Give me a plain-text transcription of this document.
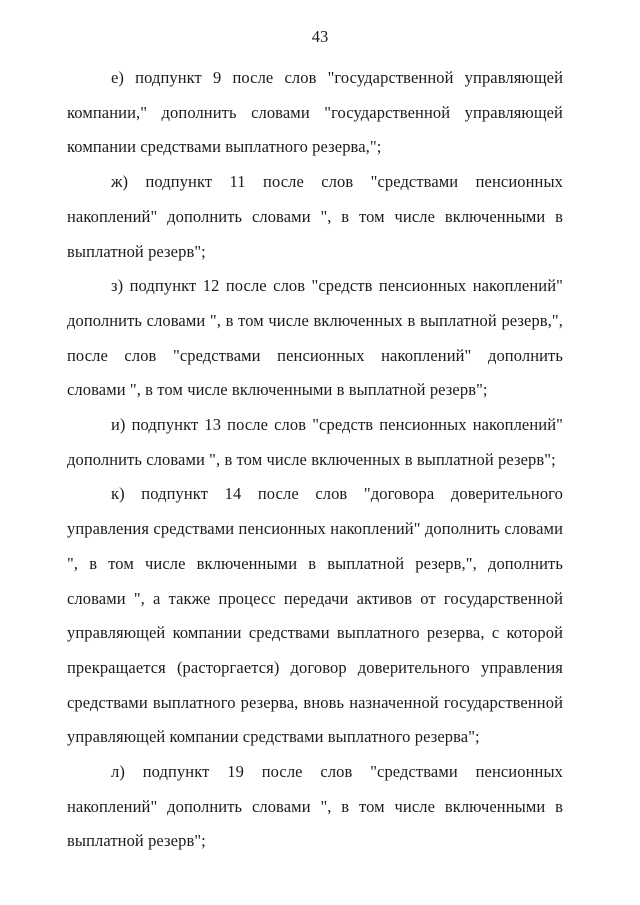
43

е) подпункт 9 после слов "государственной управляющей компании," дополнить словами "государственной управляющей компании средствами выплатного резерва,";

ж) подпункт 11 после слов "средствами пенсионных накоплений" дополнить словами ", в том числе включенными в выплатной резерв";

з) подпункт 12 после слов "средств пенсионных накоплений" дополнить словами ", в том числе включенных в выплатной резерв,", после слов "средствами пенсионных накоплений" дополнить словами ", в том числе включенными в выплатной резерв";

и) подпункт 13 после слов "средств пенсионных накоплений" дополнить словами ", в том числе включенных в выплатной резерв";

к) подпункт 14 после слов "договора доверительного управления средствами пенсионных накоплений" дополнить словами ", в том числе включенными в выплатной резерв,", дополнить словами ", а также процесс передачи активов от государственной управляющей компании средствами выплатного резерва, с которой прекращается (расторгается) договор доверительного управления средствами выплатного резерва, вновь назначенной государственной управляющей компании средствами выплатного резерва";

л) подпункт 19 после слов "средствами пенсионных накоплений" дополнить словами ", в том числе включенными в выплатной резерв";
